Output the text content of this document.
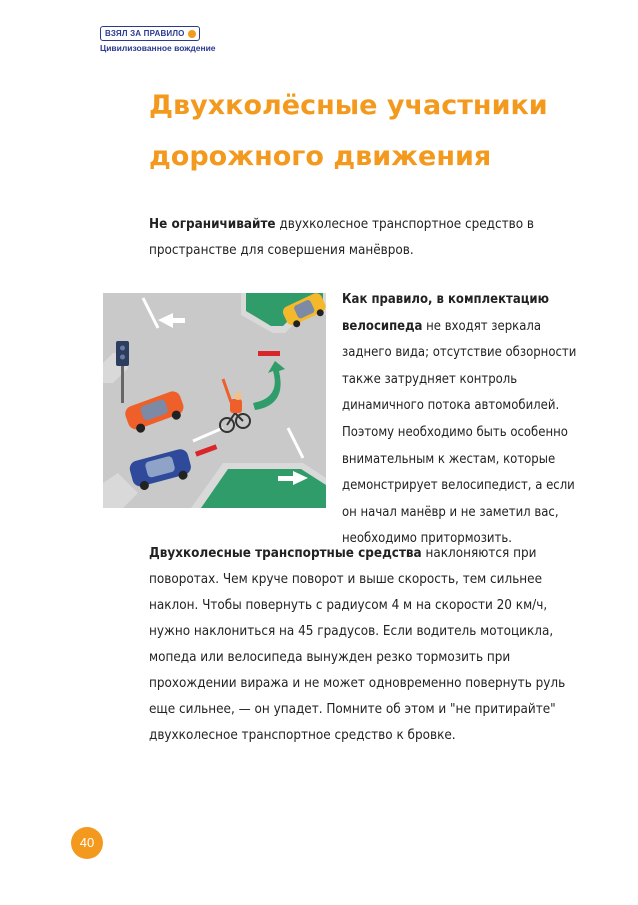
ВЗЯЛ ЗА ПРАВИЛО
Цивилизованное вождение
Двухколёсные участники
дорожного движения

Не ограничивайте двухколесное транспортное средство в пространстве для совершения манёвров.

Как правило, в комплектацию велосипеда не входят зеркала заднего вида; отсутствие обзорности также затрудняет контроль динамичного потока автомобилей. Поэтому необходимо быть особенно внимательным к жестам, которые демонстрирует велосипедист, а если он начал манёвр и не заметил вас, необходимо притормозить.

Двухколесные транспортные средства наклоняются при поворотах. Чем круче поворот и выше скорость, тем сильнее наклон. Чтобы повернуть с радиусом 4 м на скорости 20 км/ч, нужно наклониться на 45 градусов. Если водитель мотоцикла, мопеда или велосипеда вынужден резко тормозить при прохождении виража и не может одновременно повернуть руль еще сильнее, — он упадет. Помните об этом и "не притирайте" двухколесное транспортное средство к бровке.

40
